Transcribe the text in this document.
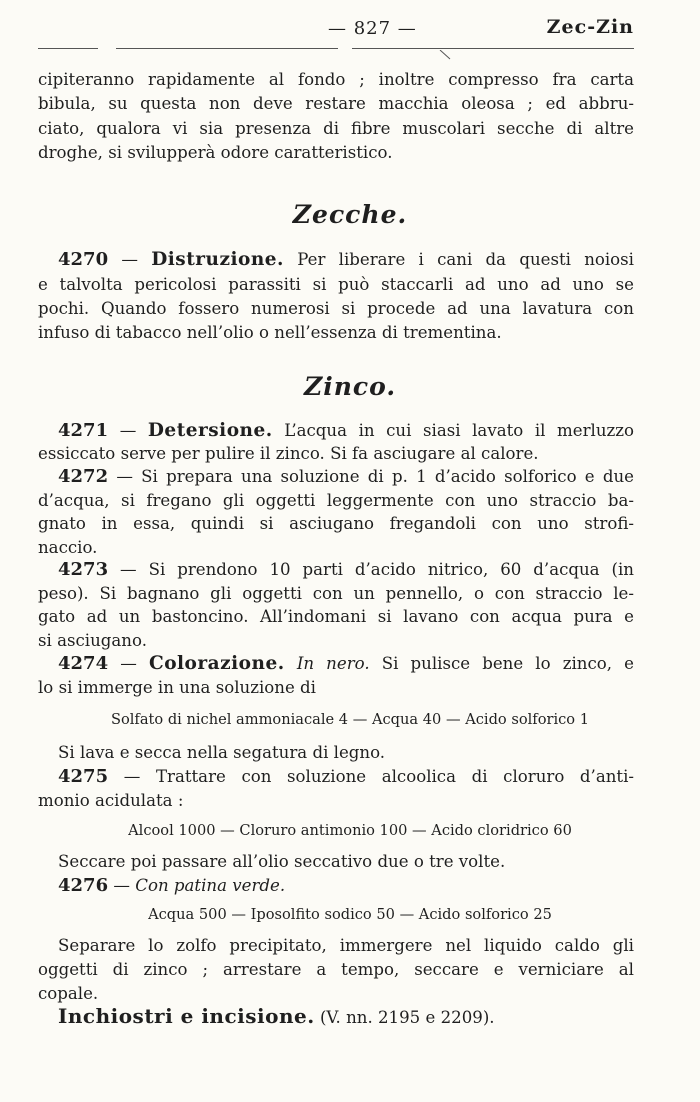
— 827 —	Zec-Zin
cipiteranno rapidamente al fondo ; inoltre compresso fra carta
bibula, su questa non deve restare macchia oleosa ; ed abbru-
ciato, qualora vi sia presenza di fibre muscolari secche di altre
droghe, si svilupperà odore caratteristico.
Zecche.
4270 — Distruzione. Per liberare i cani da questi noiosi
e talvolta pericolosi parassiti si può staccarli ad uno ad uno se
pochi. Quando fossero numerosi si procede ad una lavatura con
infuso di tabacco nell’olio o nell’essenza di trementina.
Zinco.
4271 — Detersione. L’acqua in cui siasi lavato il merluzzo
essiccato serve per pulire il zinco. Si fa asciugare al calore.
4272 — Si prepara una soluzione di p. 1 d’acido solforico e due
d’acqua, si fregano gli oggetti leggermente con uno straccio ba-
gnato in essa, quindi si asciugano fregandoli con uno strofi-
naccio.
4273 — Si prendono 10 parti d’acido nitrico, 60 d’acqua (in
peso). Si bagnano gli oggetti con un pennello, o con straccio le-
gato ad un bastoncino. All’indomani si lavano con acqua pura e
si asciugano.
4274 — Colorazione. In nero. Si pulisce bene lo zinco, e
lo si immerge in una soluzione di
Solfato di nichel ammoniacale 4 — Acqua 40 — Acido solforico 1
Si lava e secca nella segatura di legno.
4275 — Trattare con soluzione alcoolica di cloruro d’anti-
monio acidulata :
Alcool 1000 — Cloruro antimonio 100 — Acido cloridrico 60
Seccare poi passare all’olio seccativo due o tre volte.
4276 — Con patina verde.
Acqua 500 — Iposolfito sodico 50 — Acido solforico 25
Separare lo zolfo precipitato, immergere nel liquido caldo gli
oggetti di zinco ; arrestare a tempo, seccare e verniciare al
copale.
Inchiostri e incisione. (V. nn. 2195 e 2209).
